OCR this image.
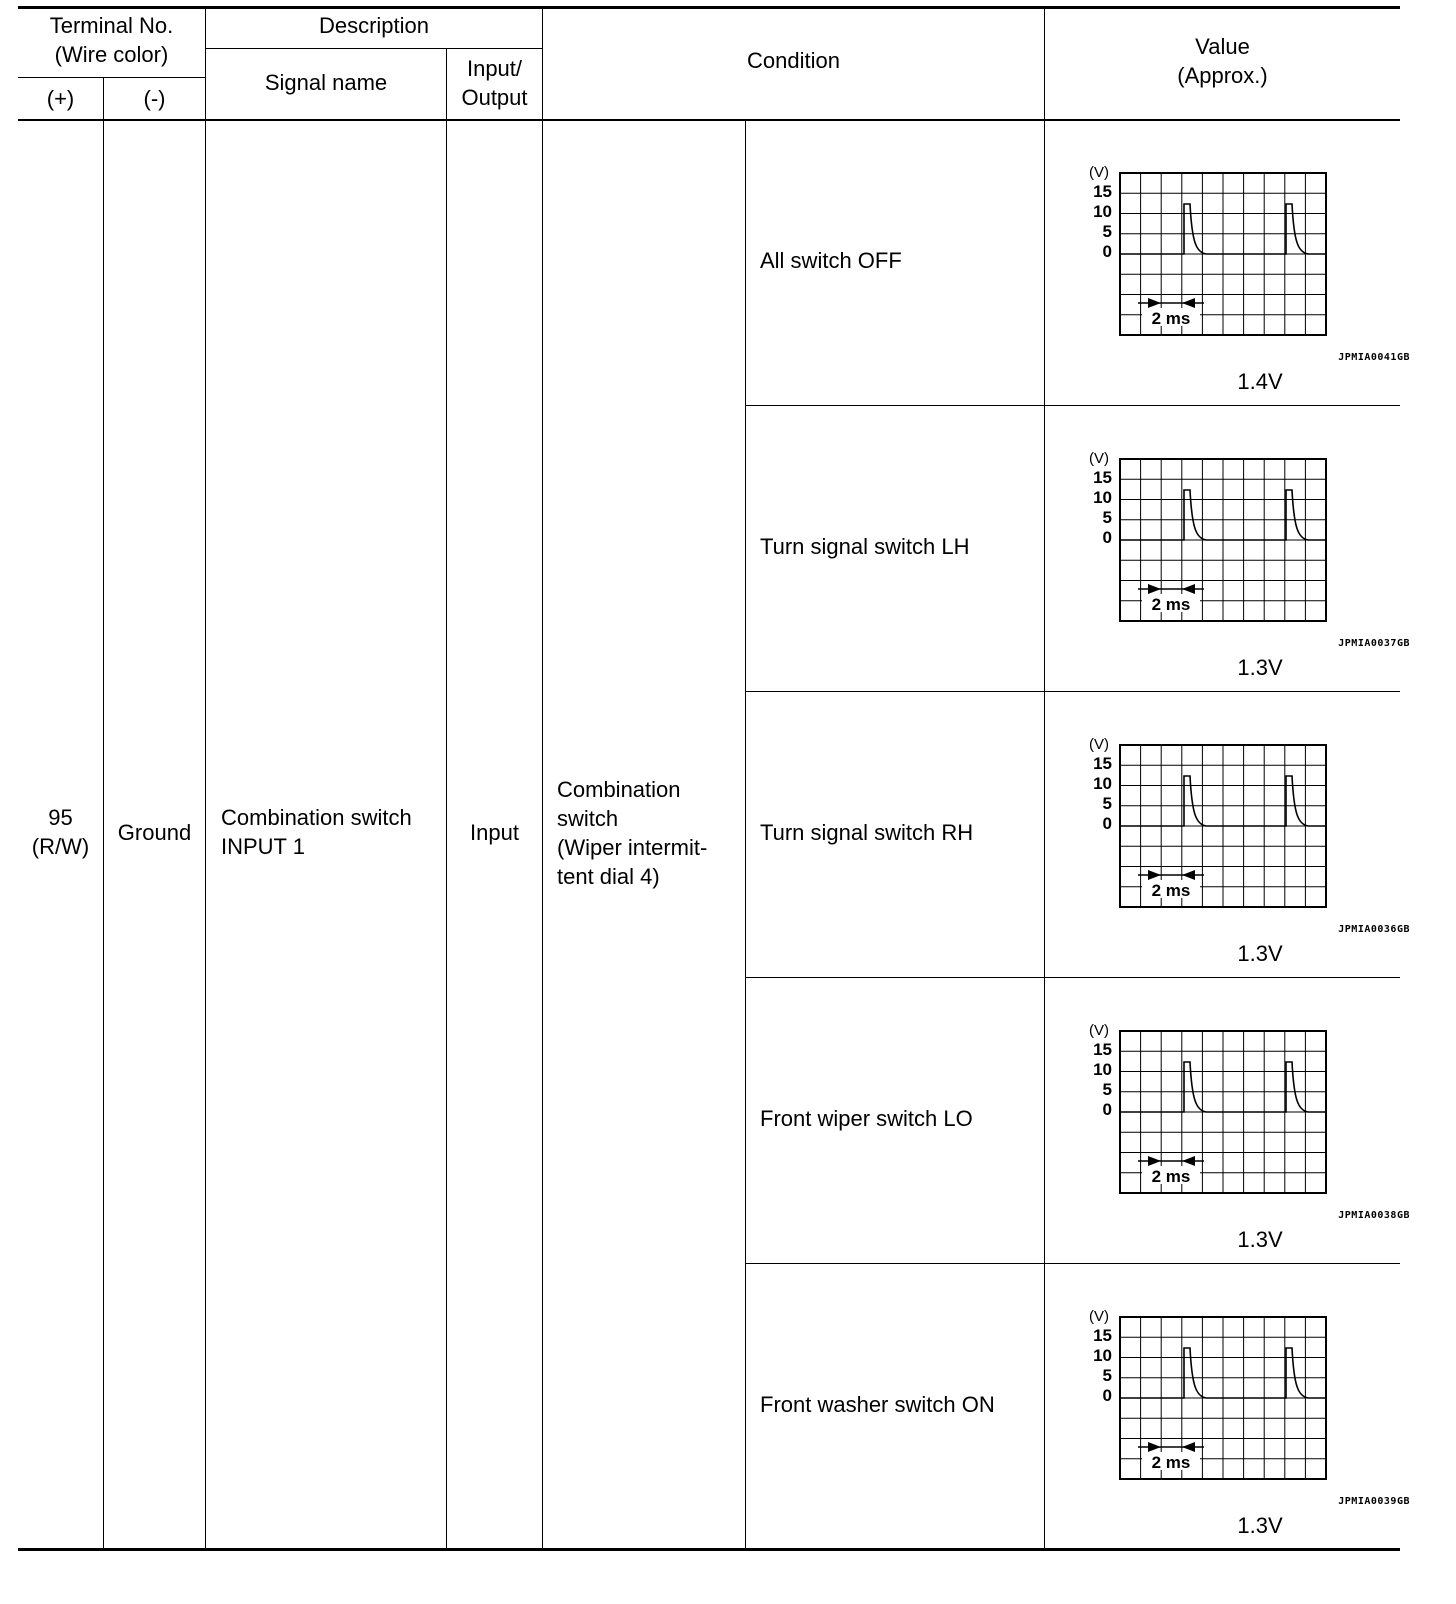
Terminal No.
(Wire color)
(+)	(-)
Description
Signal name
Input/
Output
Condition
Value
(Approx.)
95
(R/W)
Ground
Combination switch
INPUT 1
Input
Combination
switch
(Wiper intermit-
tent dial 4)
All switch OFF
Turn signal switch LH
Turn signal switch RH
Front wiper switch LO
Front washer switch ON
(V)
15
10
5
0
2 ms
(V)
15
10
5
0
2 ms
(V)
15
10
5
0
2 ms
(V)
15
10
5
0
2 ms
(V)
15
10
5
0
2 ms
JPMIA0041GB
JPMIA0037GB
JPMIA0036GB
JPMIA0038GB
JPMIA0039GB
1.4V
1.3V
1.3V
1.3V
1.3V
